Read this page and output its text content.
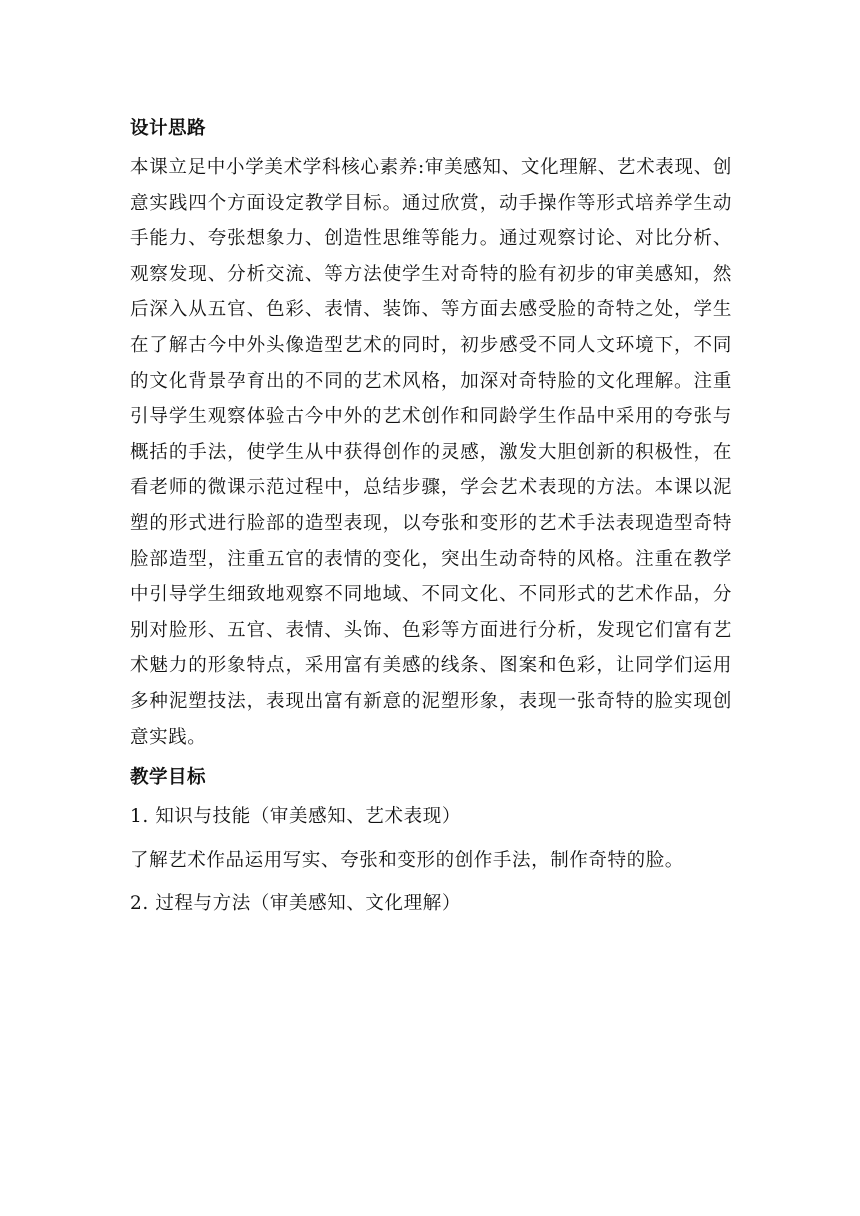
设计思路

本课立足中小学美术学科核心素养:审美感知、文化理解、艺术表现、创意实践四个方面设定教学目标。通过欣赏，动手操作等形式培养学生动手能力、夸张想象力、创造性思维等能力。通过观察讨论、对比分析、观察发现、分析交流、等方法使学生对奇特的脸有初步的审美感知，然后深入从五官、色彩、表情、装饰、等方面去感受脸的奇特之处，学生在了解古今中外头像造型艺术的同时，初步感受不同人文环境下，不同的文化背景孕育出的不同的艺术风格，加深对奇特脸的文化理解。注重引导学生观察体验古今中外的艺术创作和同龄学生作品中采用的夸张与概括的手法，使学生从中获得创作的灵感，激发大胆创新的积极性，在看老师的微课示范过程中，总结步骤，学会艺术表现的方法。本课以泥塑的形式进行脸部的造型表现，以夸张和变形的艺术手法表现造型奇特脸部造型，注重五官的表情的变化，突出生动奇特的风格。注重在教学中引导学生细致地观察不同地域、不同文化、不同形式的艺术作品，分别对脸形、五官、表情、头饰、色彩等方面进行分析，发现它们富有艺术魅力的形象特点，采用富有美感的线条、图案和色彩，让同学们运用多种泥塑技法，表现出富有新意的泥塑形象，表现一张奇特的脸实现创意实践。

教学目标
1. 知识与技能（审美感知、艺术表现）
了解艺术作品运用写实、夸张和变形的创作手法，制作奇特的脸。
2. 过程与方法（审美感知、文化理解）
